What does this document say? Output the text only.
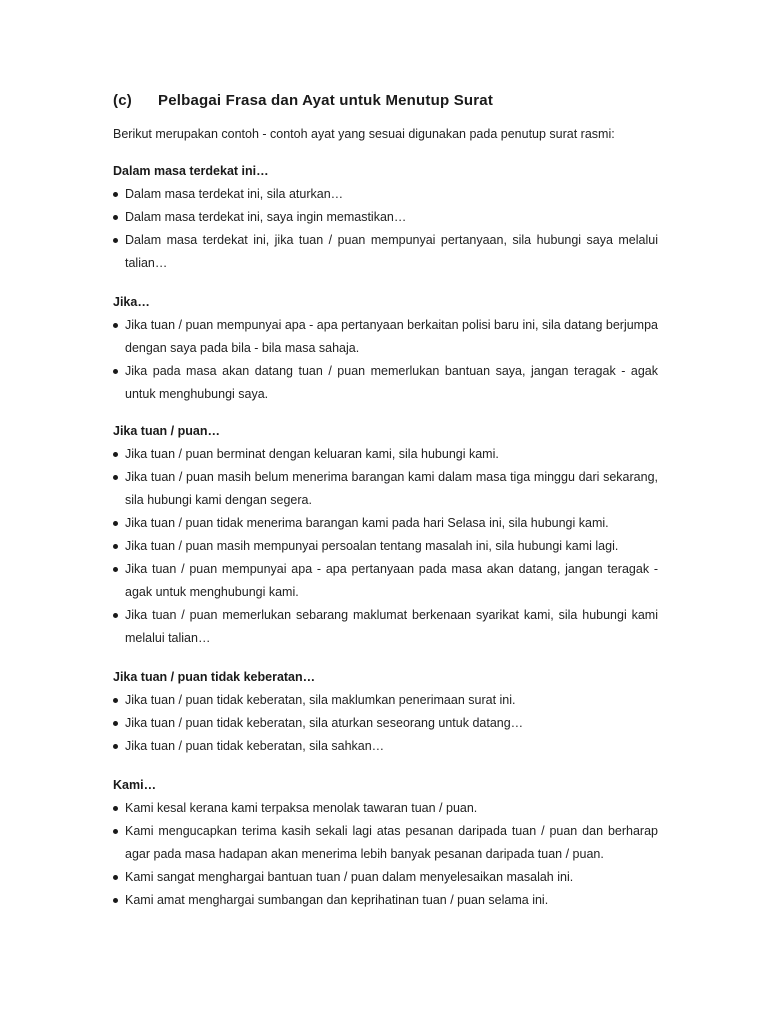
(c) Pelbagai Frasa dan Ayat untuk Menutup Surat
Berikut merupakan contoh - contoh ayat yang sesuai digunakan pada penutup surat rasmi:
Dalam masa terdekat ini…
Dalam masa terdekat ini, sila aturkan…
Dalam masa terdekat ini, saya ingin memastikan…
Dalam masa terdekat ini, jika tuan / puan mempunyai pertanyaan, sila hubungi saya melalui talian…
Jika…
Jika tuan / puan mempunyai apa - apa pertanyaan berkaitan polisi baru ini, sila datang berjumpa dengan saya pada bila - bila masa sahaja.
Jika pada masa akan datang tuan / puan memerlukan bantuan saya, jangan teragak - agak untuk menghubungi saya.
Jika tuan / puan…
Jika tuan / puan berminat dengan keluaran kami, sila hubungi kami.
Jika tuan / puan masih belum menerima barangan kami dalam masa tiga minggu dari sekarang, sila hubungi kami dengan segera.
Jika tuan / puan tidak menerima barangan kami pada hari Selasa ini, sila hubungi kami.
Jika tuan / puan masih mempunyai persoalan tentang masalah ini, sila hubungi kami lagi.
Jika tuan / puan mempunyai apa - apa pertanyaan pada masa akan datang, jangan teragak - agak untuk menghubungi kami.
Jika tuan / puan memerlukan sebarang maklumat berkenaan syarikat kami, sila hubungi kami melalui talian…
Jika tuan / puan tidak keberatan…
Jika tuan / puan tidak keberatan, sila maklumkan penerimaan surat ini.
Jika tuan / puan tidak keberatan, sila aturkan seseorang untuk datang…
Jika tuan / puan tidak keberatan, sila sahkan…
Kami…
Kami kesal kerana kami terpaksa menolak tawaran tuan / puan.
Kami mengucapkan terima kasih sekali lagi atas pesanan daripada tuan / puan dan berharap agar pada masa hadapan akan menerima lebih banyak pesanan daripada tuan / puan.
Kami sangat menghargai bantuan tuan / puan dalam menyelesaikan masalah ini.
Kami amat menghargai sumbangan dan keprihatinan tuan / puan selama ini.
